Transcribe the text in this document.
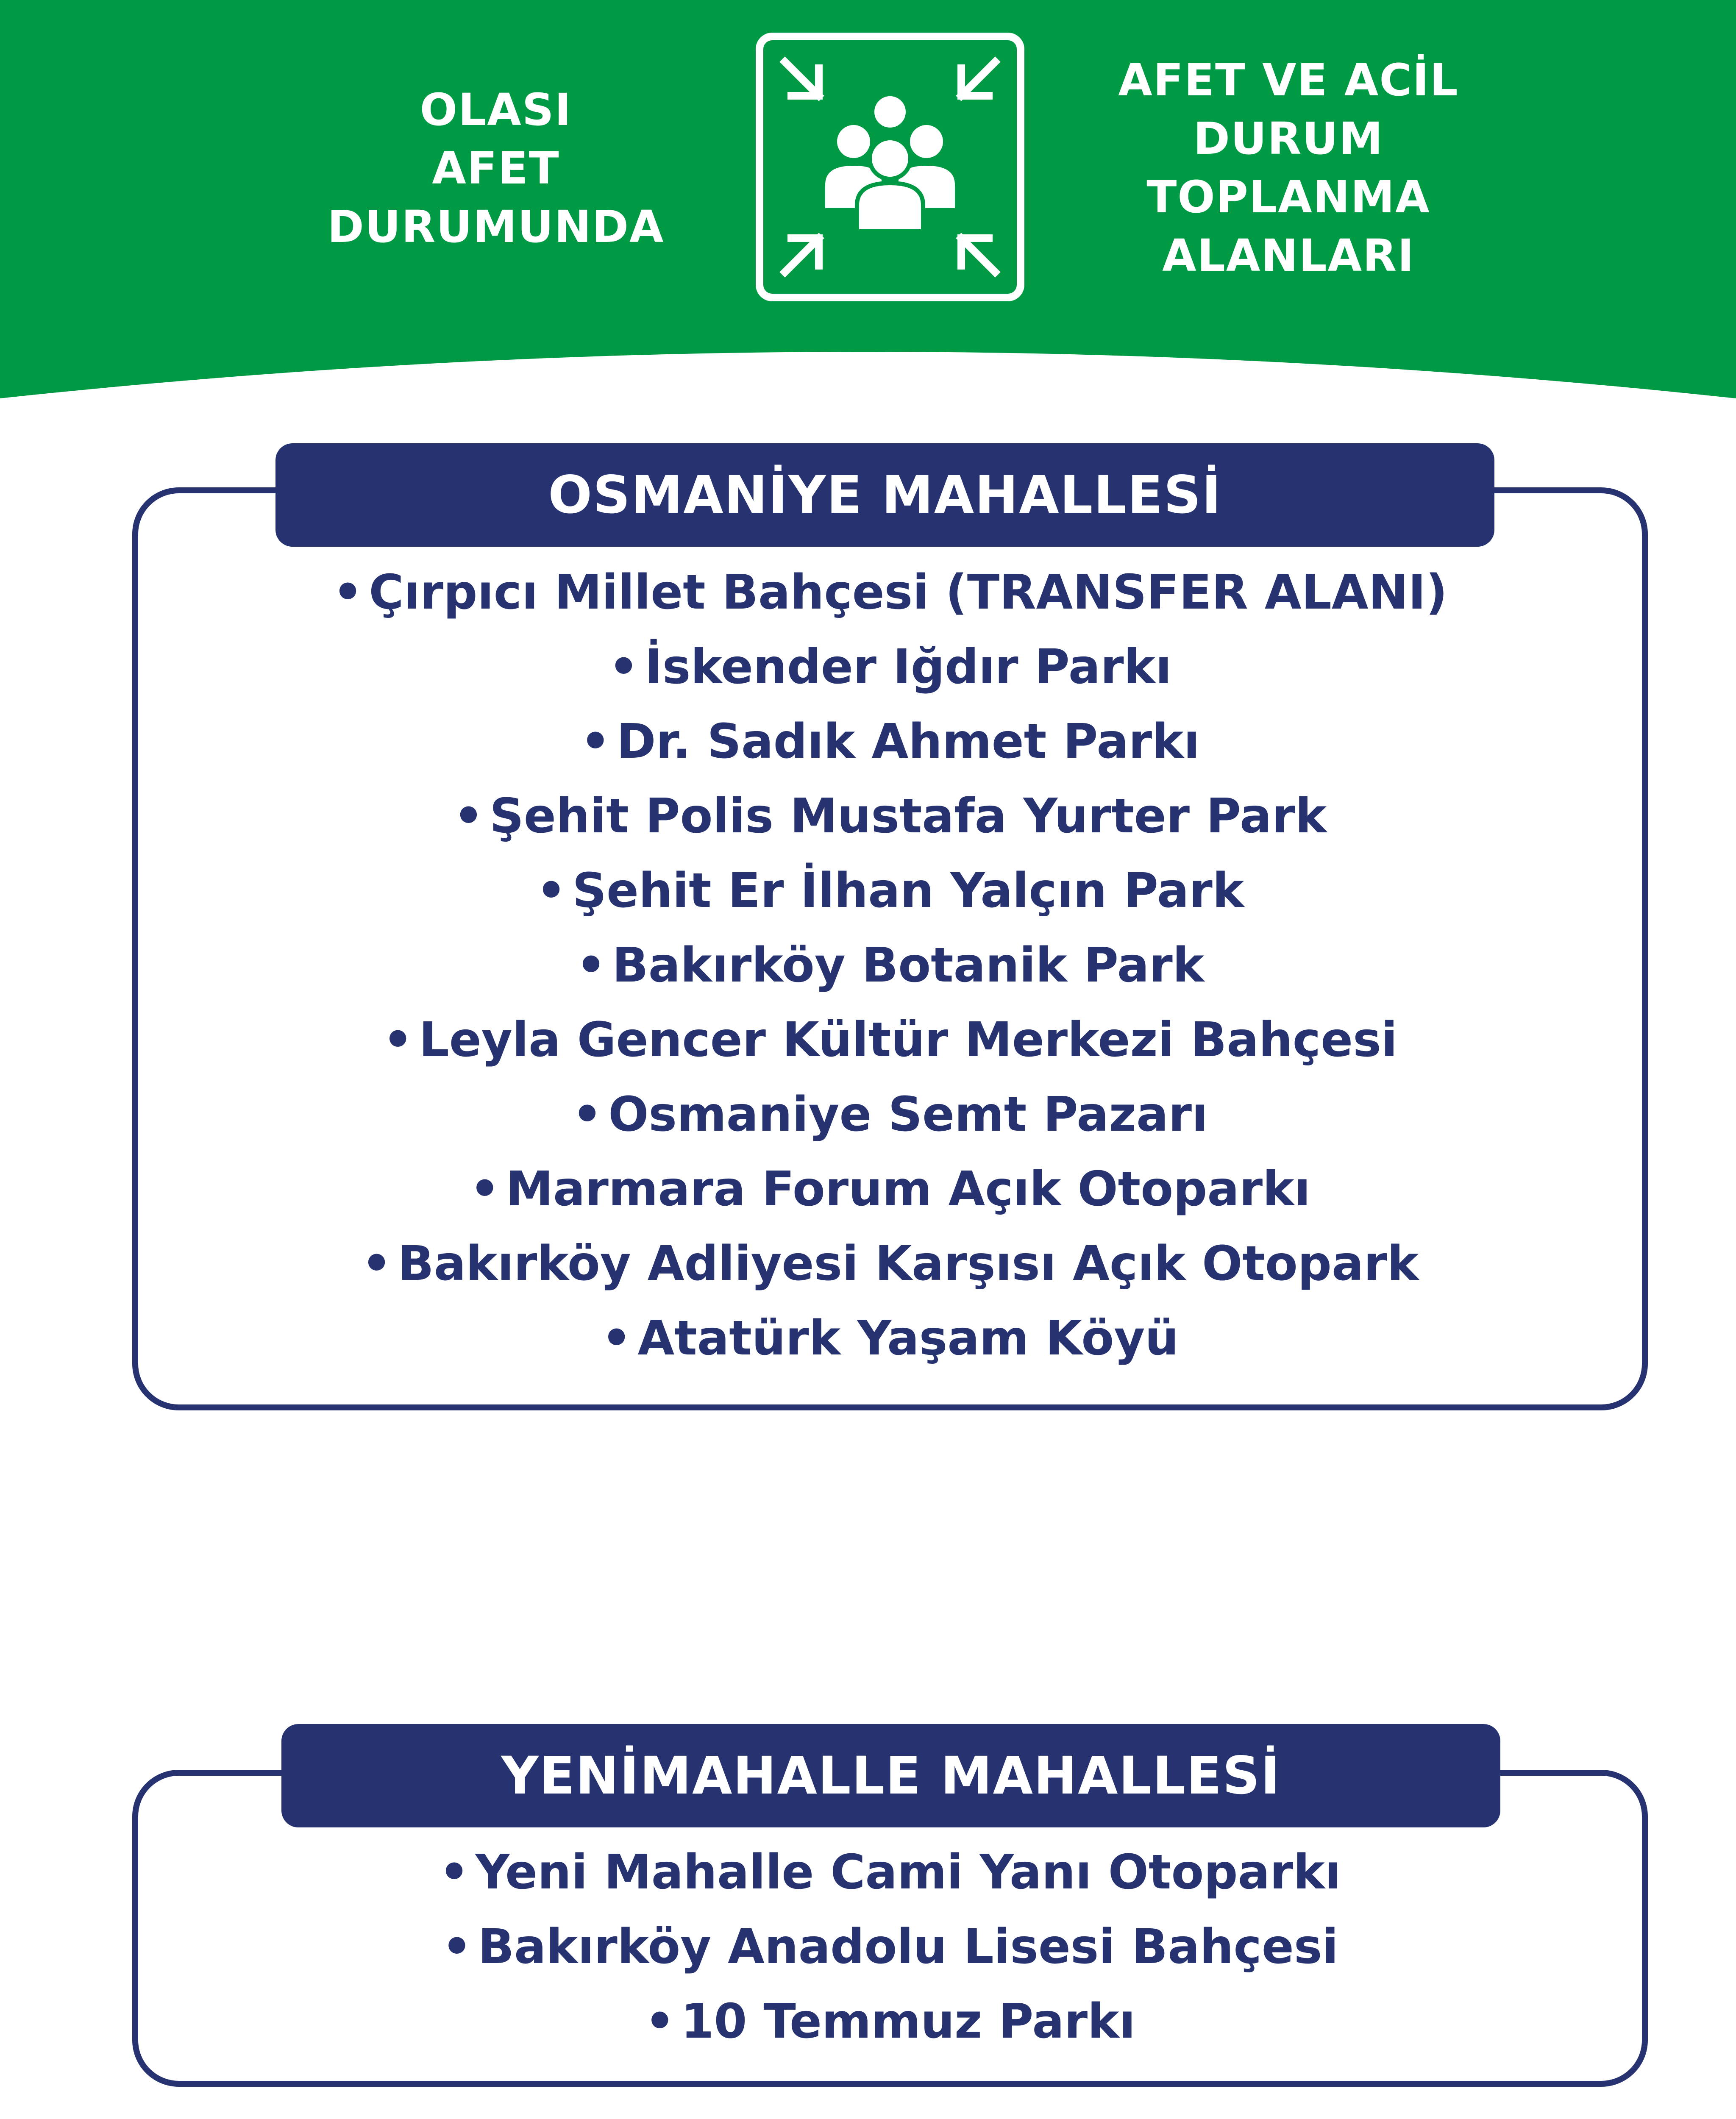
OLASI
AFET
DURUMUNDA
AFET VE ACİL
DURUM
TOPLANMA
ALANLARI
OSMANİYE MAHALLESİ
• Çırpıcı Millet Bahçesi (TRANSFER ALANI)
• İskender Iğdır Parkı
• Dr. Sadık Ahmet Parkı
• Şehit Polis Mustafa Yurter Park
• Şehit Er İlhan Yalçın Park
• Bakırköy Botanik Park
• Leyla Gencer Kültür Merkezi Bahçesi
• Osmaniye Semt Pazarı
• Marmara Forum Açık Otoparkı
• Bakırköy Adliyesi Karşısı Açık Otopark
• Atatürk Yaşam Köyü
YENİMAHALLE MAHALLESİ
• Yeni Mahalle Cami Yanı Otoparkı
• Bakırköy Anadolu Lisesi Bahçesi
• 10 Temmuz Parkı
